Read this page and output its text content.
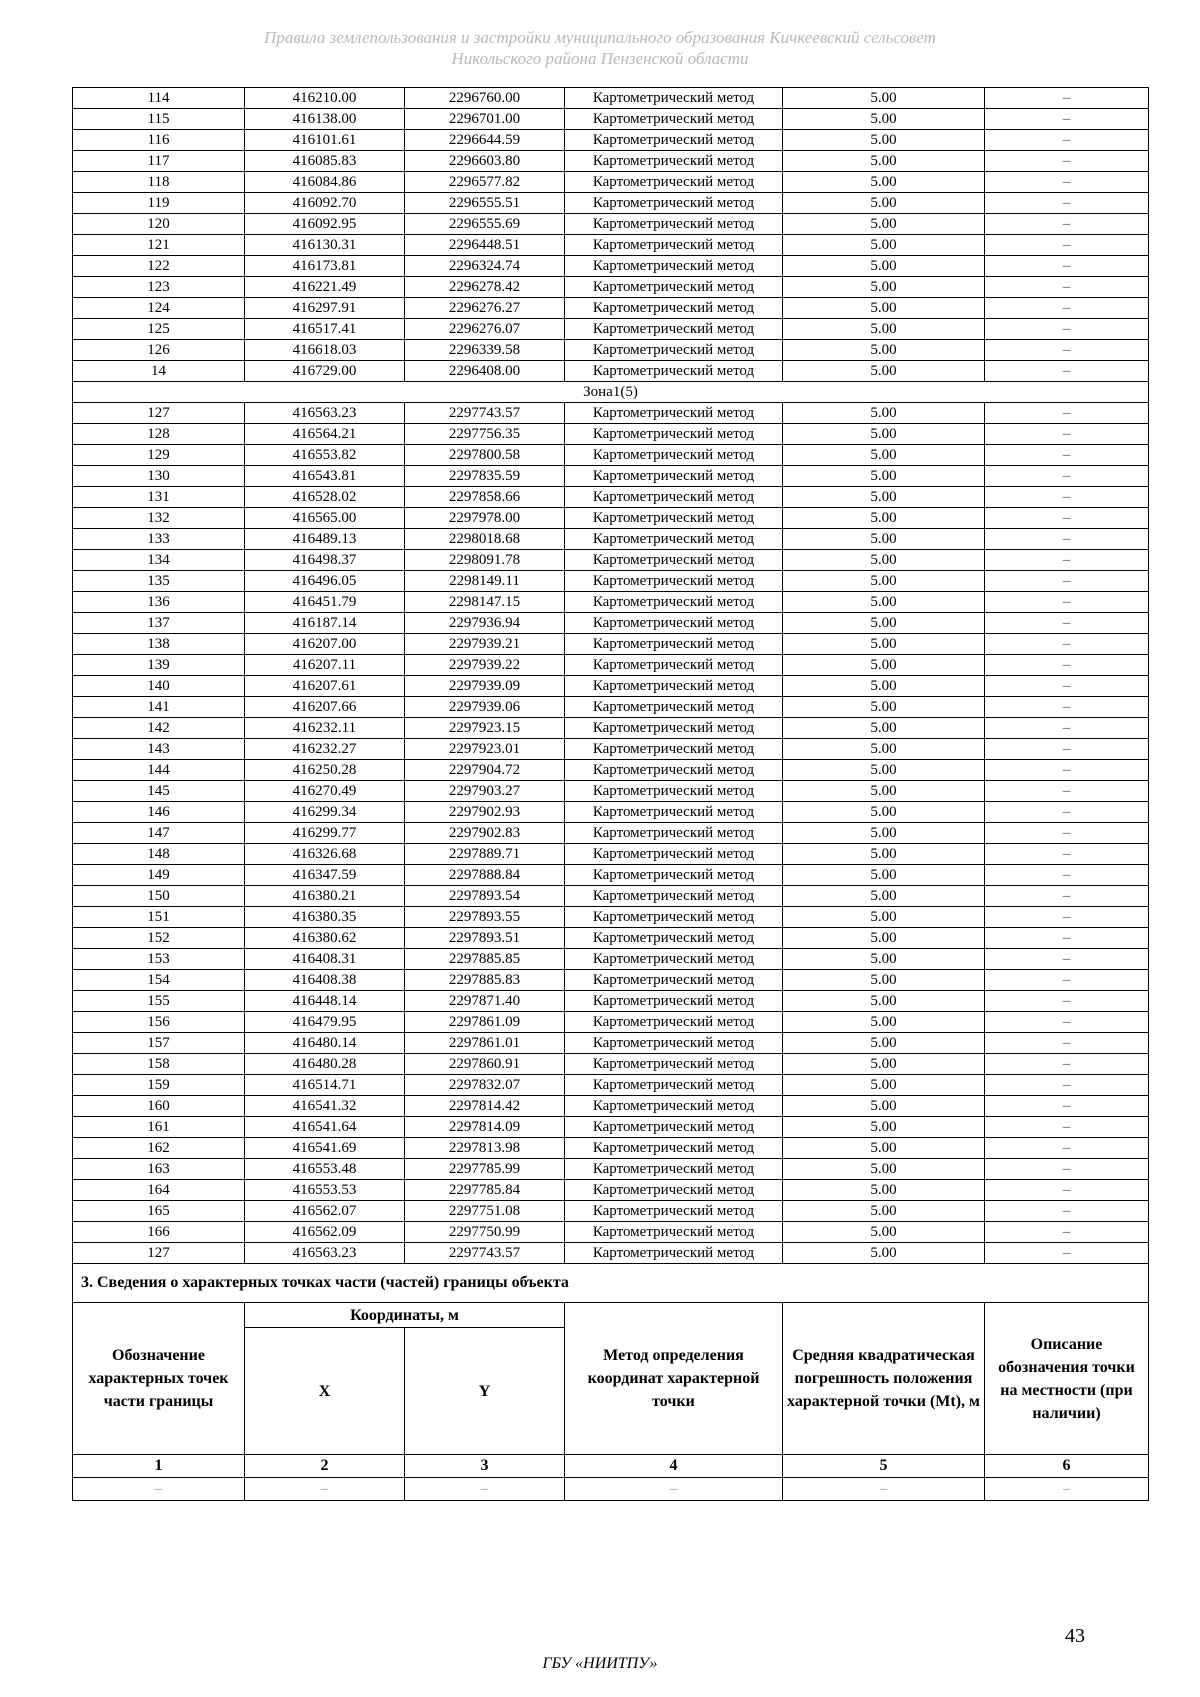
Правила землепользования и застройки муниципального образования Кичкеевский сельсовет
Никольского района Пензенской области
114	416210.00	2296760.00	Картометрический метод	5.00	–
115	416138.00	2296701.00	Картометрический метод	5.00	–
116	416101.61	2296644.59	Картометрический метод	5.00	–
117	416085.83	2296603.80	Картометрический метод	5.00	–
118	416084.86	2296577.82	Картометрический метод	5.00	–
119	416092.70	2296555.51	Картометрический метод	5.00	–
120	416092.95	2296555.69	Картометрический метод	5.00	–
121	416130.31	2296448.51	Картометрический метод	5.00	–
122	416173.81	2296324.74	Картометрический метод	5.00	–
123	416221.49	2296278.42	Картометрический метод	5.00	–
124	416297.91	2296276.27	Картометрический метод	5.00	–
125	416517.41	2296276.07	Картометрический метод	5.00	–
126	416618.03	2296339.58	Картометрический метод	5.00	–
14	416729.00	2296408.00	Картометрический метод	5.00	–
Зона1(5)					
127	416563.23	2297743.57	Картометрический метод	5.00	–
128	416564.21	2297756.35	Картометрический метод	5.00	–
129	416553.82	2297800.58	Картометрический метод	5.00	–
130	416543.81	2297835.59	Картометрический метод	5.00	–
131	416528.02	2297858.66	Картометрический метод	5.00	–
132	416565.00	2297978.00	Картометрический метод	5.00	–
133	416489.13	2298018.68	Картометрический метод	5.00	–
134	416498.37	2298091.78	Картометрический метод	5.00	–
135	416496.05	2298149.11	Картометрический метод	5.00	–
136	416451.79	2298147.15	Картометрический метод	5.00	–
137	416187.14	2297936.94	Картометрический метод	5.00	–
138	416207.00	2297939.21	Картометрический метод	5.00	–
139	416207.11	2297939.22	Картометрический метод	5.00	–
140	416207.61	2297939.09	Картометрический метод	5.00	–
141	416207.66	2297939.06	Картометрический метод	5.00	–
142	416232.11	2297923.15	Картометрический метод	5.00	–
143	416232.27	2297923.01	Картометрический метод	5.00	–
144	416250.28	2297904.72	Картометрический метод	5.00	–
145	416270.49	2297903.27	Картометрический метод	5.00	–
146	416299.34	2297902.93	Картометрический метод	5.00	–
147	416299.77	2297902.83	Картометрический метод	5.00	–
148	416326.68	2297889.71	Картометрический метод	5.00	–
149	416347.59	2297888.84	Картометрический метод	5.00	–
150	416380.21	2297893.54	Картометрический метод	5.00	–
151	416380.35	2297893.55	Картометрический метод	5.00	–
152	416380.62	2297893.51	Картометрический метод	5.00	–
153	416408.31	2297885.85	Картометрический метод	5.00	–
154	416408.38	2297885.83	Картометрический метод	5.00	–
155	416448.14	2297871.40	Картометрический метод	5.00	–
156	416479.95	2297861.09	Картометрический метод	5.00	–
157	416480.14	2297861.01	Картометрический метод	5.00	–
158	416480.28	2297860.91	Картометрический метод	5.00	–
159	416514.71	2297832.07	Картометрический метод	5.00	–
160	416541.32	2297814.42	Картометрический метод	5.00	–
161	416541.64	2297814.09	Картометрический метод	5.00	–
162	416541.69	2297813.98	Картометрический метод	5.00	–
163	416553.48	2297785.99	Картометрический метод	5.00	–
164	416553.53	2297785.84	Картометрический метод	5.00	–
165	416562.07	2297751.08	Картометрический метод	5.00	–
166	416562.09	2297750.99	Картометрический метод	5.00	–
127	416563.23	2297743.57	Картометрический метод	5.00	–
3. Сведения о характерных точках части (частей) границы объекта					
Обозначение характерных точек части границы	Координаты, м		Метод определения координат характерной точки	Средняя квадратическая погрешность положения характерной точки (Mt), м	Описание обозначения точки на местности (при наличии)
	X	Y			
1	2	3	4	5	6
–	–	–	–	–	–
43
ГБУ «НИИТПУ»
